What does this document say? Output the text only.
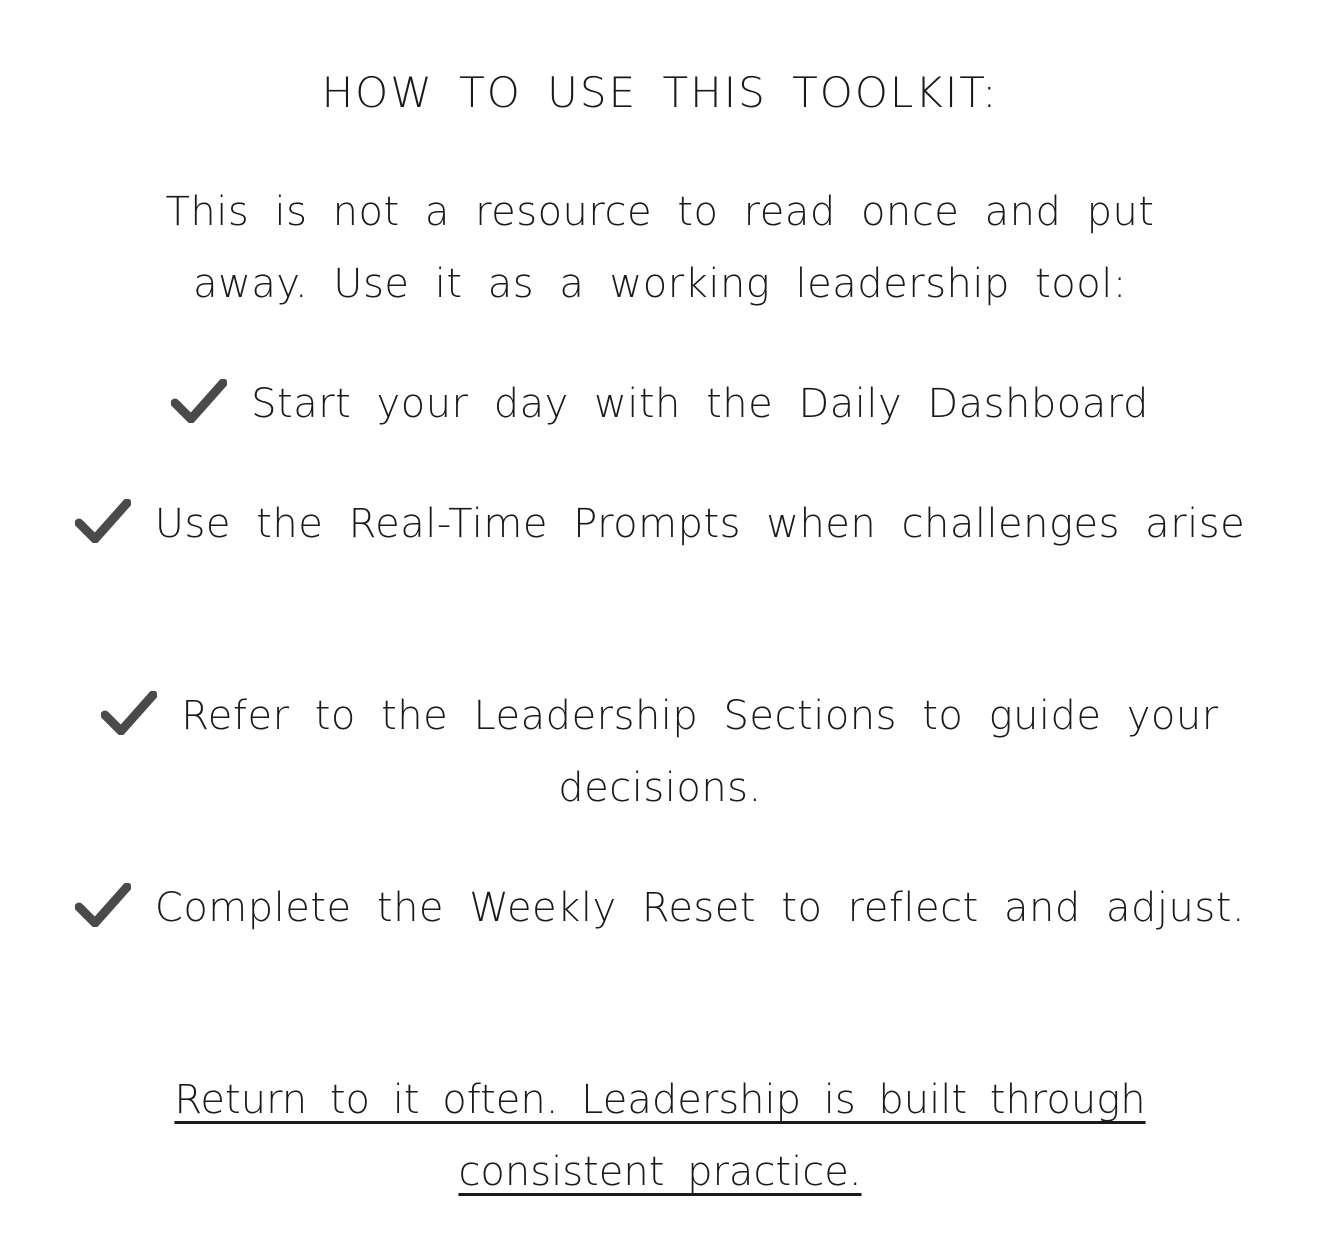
HOW TO USE THIS TOOLKIT:

This is not a resource to read once and put away. Use it as a working leadership tool:

Start your day with the Daily Dashboard

Use the Real-Time Prompts when challenges arise

Refer to the Leadership Sections to guide your decisions.

Complete the Weekly Reset to reflect and adjust.

Return to it often. Leadership is built through consistent practice.
